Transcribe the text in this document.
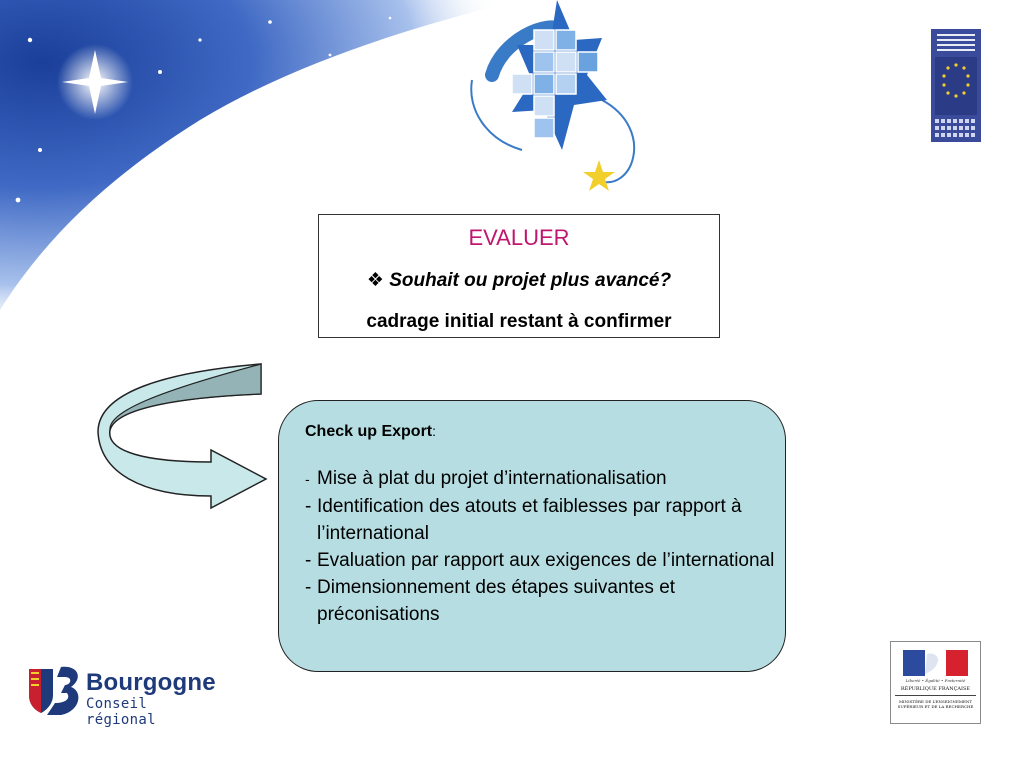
EVALUER
❖ Souhait ou projet plus avancé?
cadrage initial restant à confirmer
Check up Export:
- Mise à plat du projet d’internationalisation
- Identification des atouts et faiblesses par rapport à l’international
- Evaluation par rapport aux exigences de l’international
- Dimensionnement des étapes suivantes et préconisations
Bourgogne
Conseil régional
Liberté • Égalité • Fraternité
RÉPUBLIQUE FRANÇAISE
MINISTÈRE DE L’ENSEIGNEMENT SUPÉRIEUR ET DE LA RECHERCHE
